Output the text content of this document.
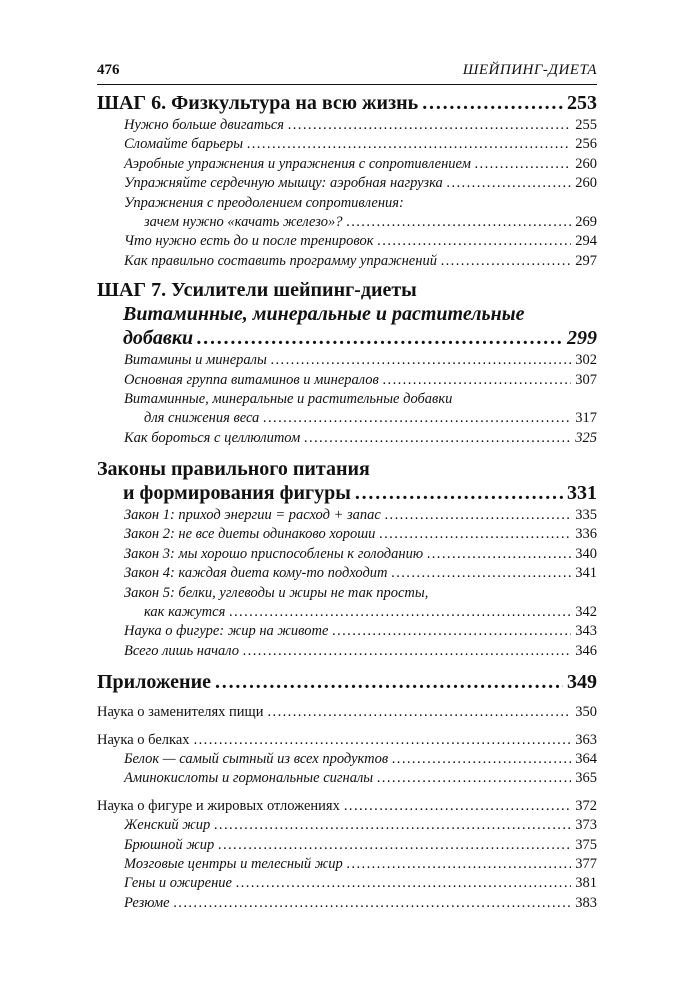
476	ШЕЙПИНГ-ДИЕТА
ШАГ 6. Физкультура на всю жизнь . . .	253
Нужно больше двигаться . . .	255
Сломайте барьеры . . .	256
Аэробные упражнения и упражнения с сопротивлением . . .	260
Упражняйте сердечную мышцу: аэробная нагрузка . . .	260
Упражнения с преодолением сопротивления:
зачем нужно «качать железо»? . . .	269
Что нужно есть до и после тренировок . . .	294
Как правильно составить программу упражнений . . .	297
ШАГ 7. Усилители шейпинг-диеты
Витаминные, минеральные и растительные
добавки . . .	299
Витамины и минералы . . .	302
Основная группа витаминов и минералов . . .	307
Витаминные, минеральные и растительные добавки
для снижения веса . . .	317
Как бороться с целлюлитом . . .	325
Законы правильного питания
и формирования фигуры . . .	331
Закон 1: приход энергии = расход + запас . . .	335
Закон 2: не все диеты одинаково хороши . . .	336
Закон 3: мы хорошо приспособлены к голоданию . . .	340
Закон 4: каждая диета кому-то подходит . . .	341
Закон 5: белки, углеводы и жиры не так просты,
как кажутся . . .	342
Наука о фигуре: жир на животе . . .	343
Всего лишь начало . . .	346
Приложение . . .	349
Наука о заменителях пищи . . .	350
Наука о белках . . .	363
Белок — самый сытный из всех продуктов . . .	364
Аминокислоты и гормональные сигналы . . .	365
Наука о фигуре и жировых отложениях . . .	372
Женский жир . . .	373
Брюшной жир . . .	375
Мозговые центры и телесный жир . . .	377
Гены и ожирение . . .	381
Резюме . . .	383
